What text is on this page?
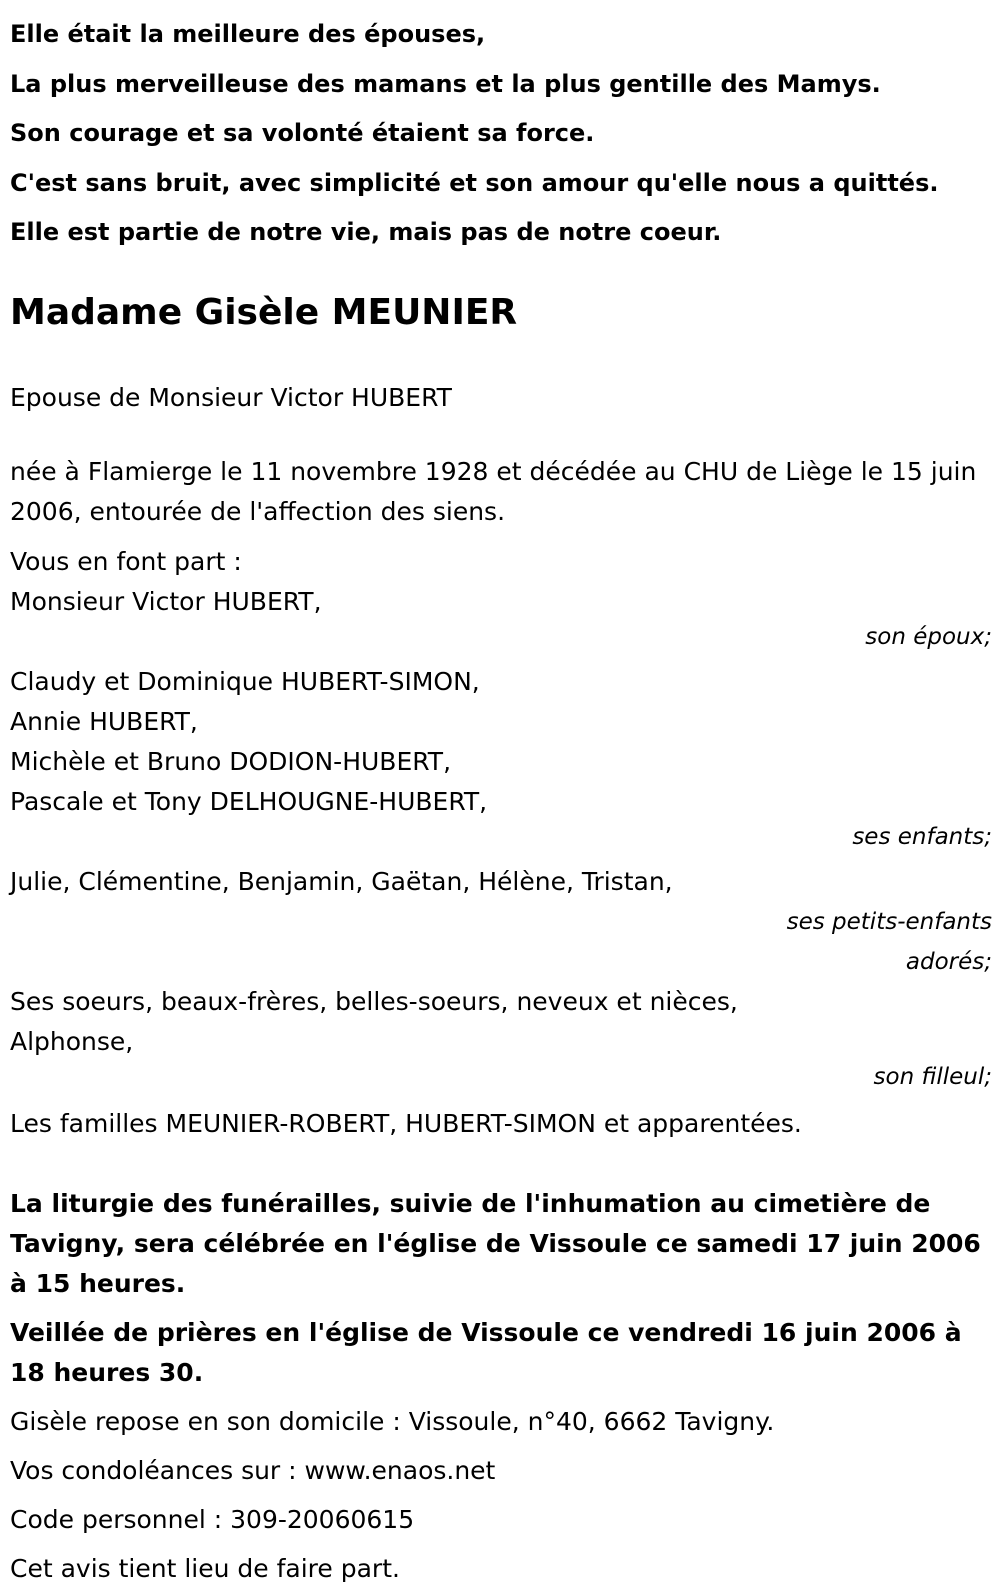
Elle était la meilleure des épouses,
La plus merveilleuse des mamans et la plus gentille des Mamys.
Son courage et sa volonté étaient sa force.
C'est sans bruit, avec simplicité et son amour qu'elle nous a quittés.
Elle est partie de notre vie, mais pas de notre coeur.
Madame Gisèle MEUNIER
Epouse de Monsieur Victor HUBERT
née à Flamierge le 11 novembre 1928 et décédée au CHU de Liège le 15 juin 2006, entourée de l'affection des siens.
Vous en font part :
Monsieur Victor HUBERT,
son époux;
Claudy et Dominique HUBERT-SIMON,
Annie HUBERT,
Michèle et Bruno DODION-HUBERT,
Pascale et Tony DELHOUGNE-HUBERT,
ses enfants;
Julie, Clémentine, Benjamin, Gaëtan, Hélène, Tristan,
ses petits-enfants
adorés;
Ses soeurs, beaux-frères, belles-soeurs, neveux et nièces,
Alphonse,
son filleul;
Les familles MEUNIER-ROBERT, HUBERT-SIMON et apparentées.
La liturgie des funérailles, suivie de l'inhumation au cimetière de Tavigny, sera célébrée en l'église de Vissoule ce samedi 17 juin 2006 à 15 heures.
Veillée de prières en l'église de Vissoule ce vendredi 16 juin 2006 à 18 heures 30.
Gisèle repose en son domicile : Vissoule, n°40, 6662 Tavigny.
Vos condoléances sur : www.enaos.net
Code personnel : 309-20060615
Cet avis tient lieu de faire part.
